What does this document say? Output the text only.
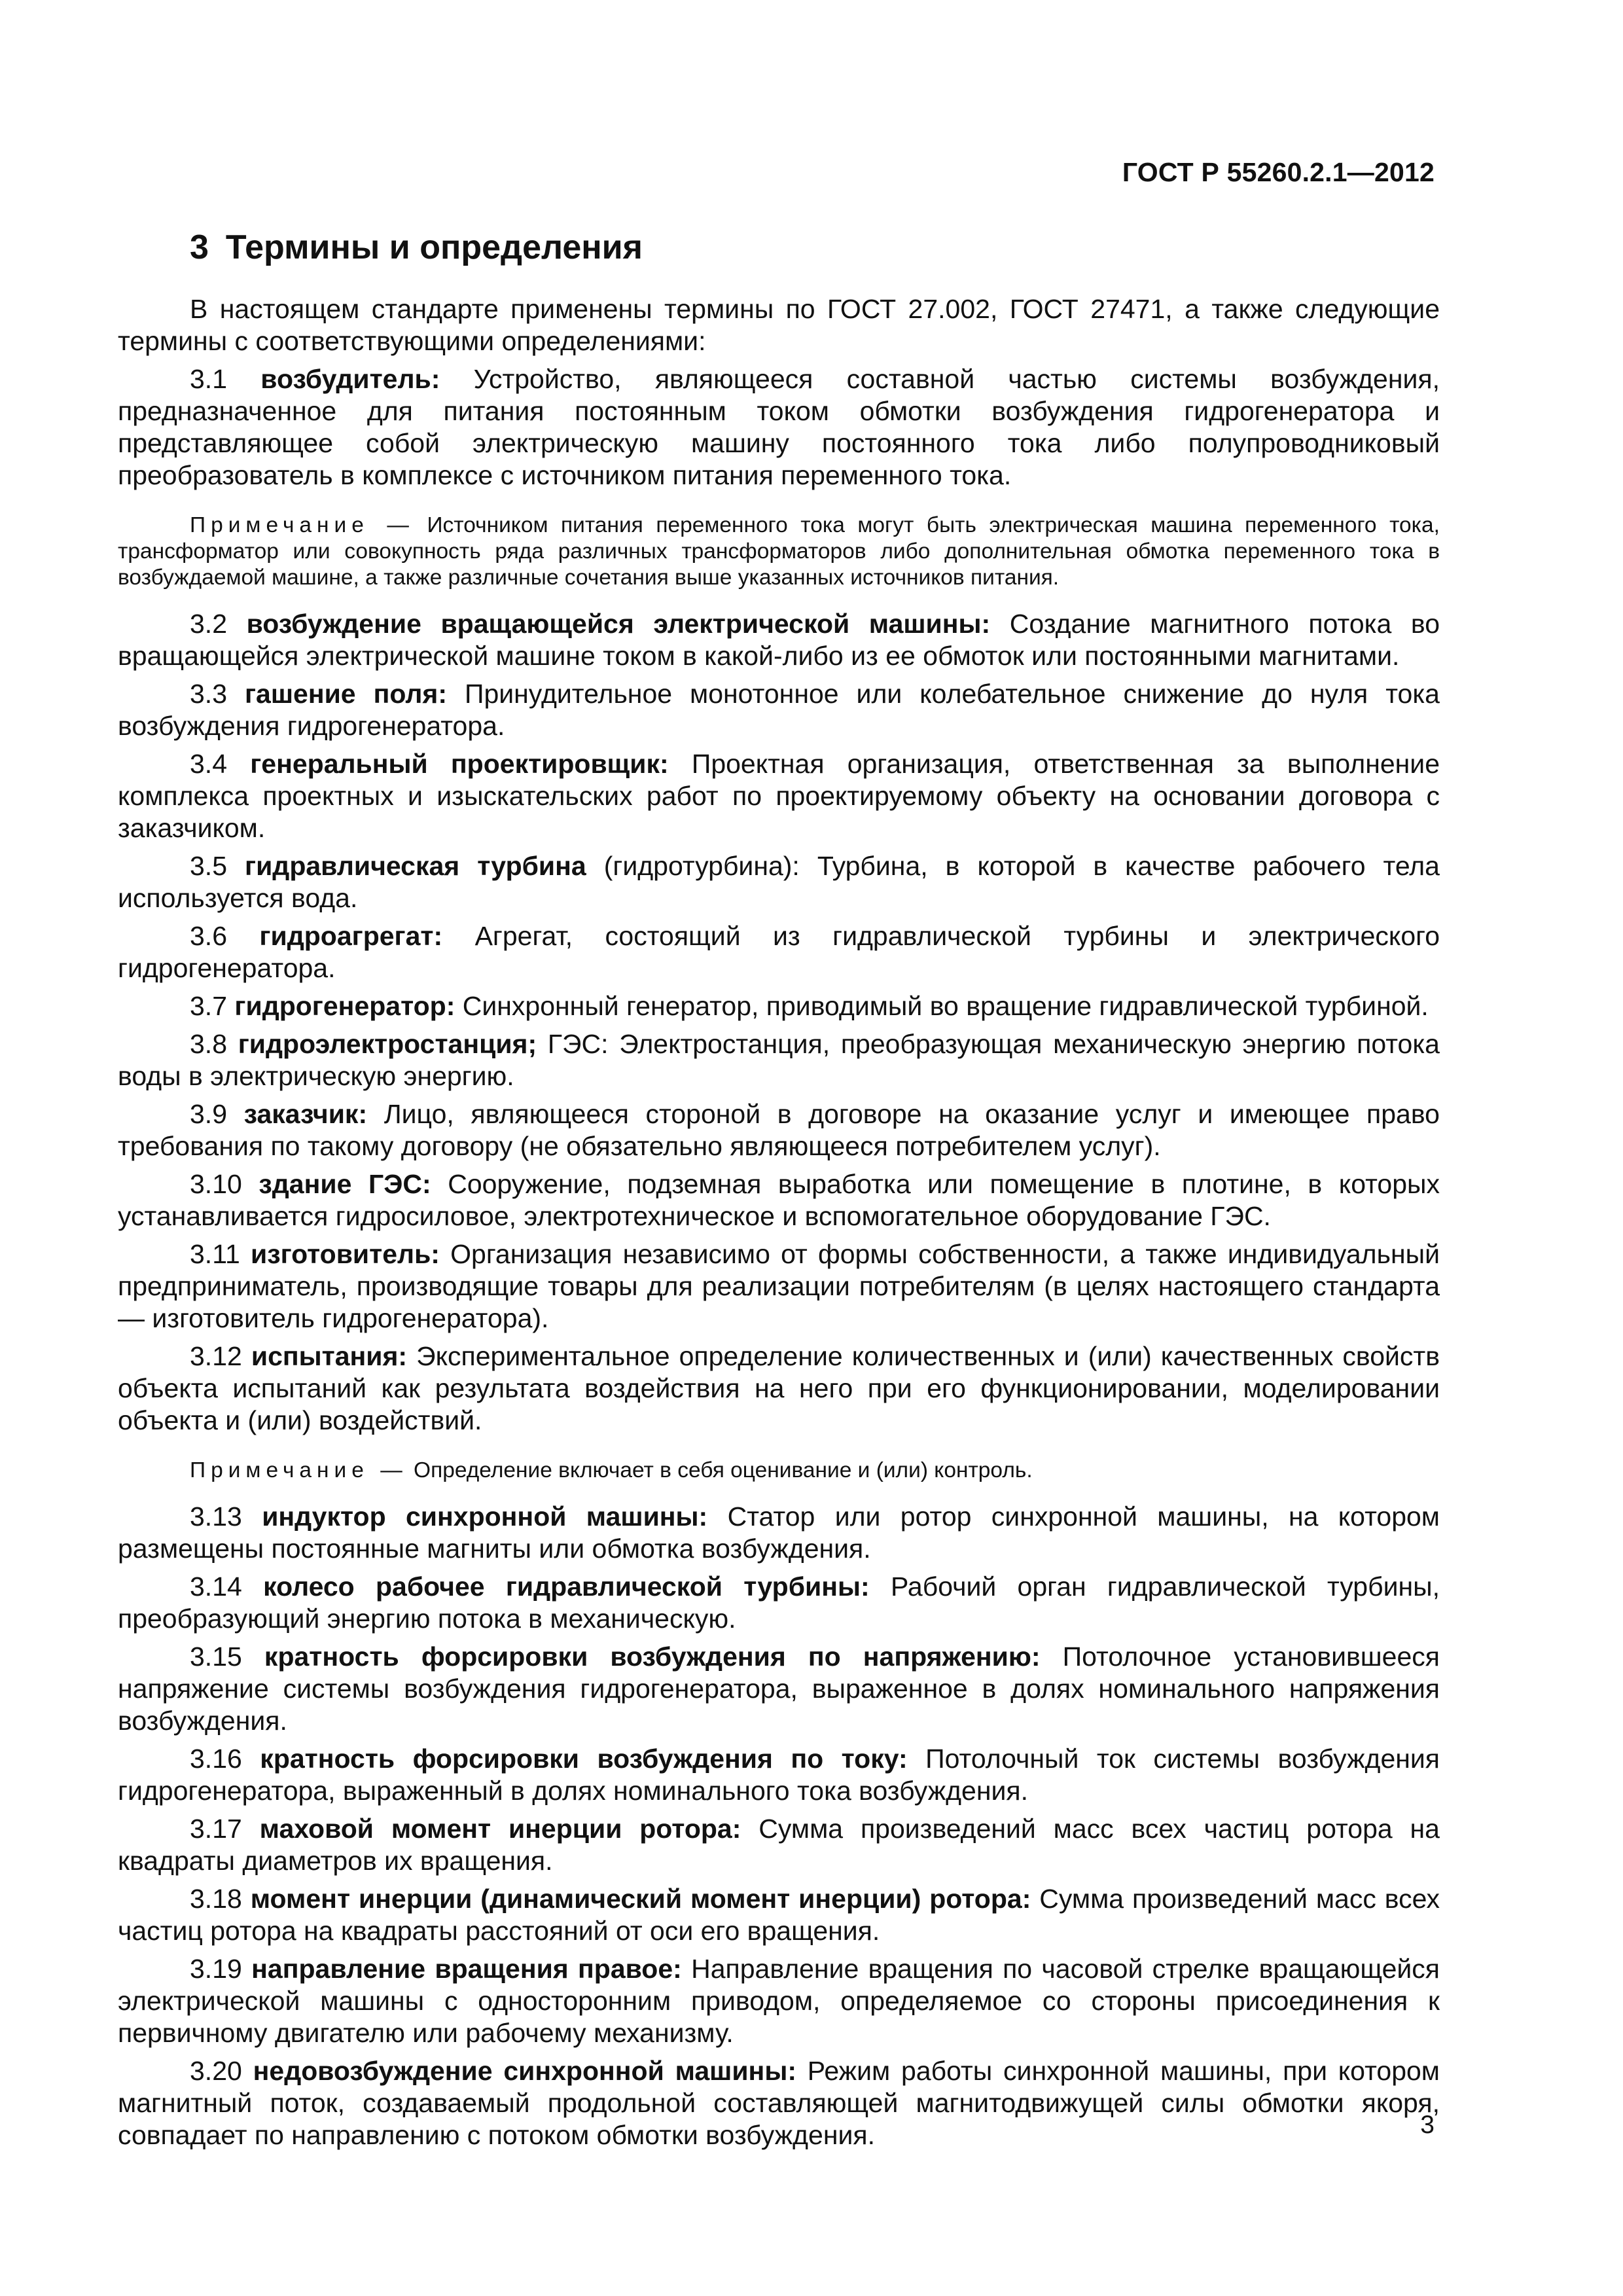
ГОСТ Р 55260.2.1—2012
3 Термины и определения

В настоящем стандарте применены термины по ГОСТ 27.002, ГОСТ 27471, а также следующие термины с соответствующими определениями:

3.1 возбудитель: Устройство, являющееся составной частью системы возбуждения, предназначенное для питания постоянным током обмотки возбуждения гидрогенератора и представляющее собой электрическую машину постоянного тока либо полупроводниковый преобразователь в комплексе с источником питания переменного тока.

Примечание — Источником питания переменного тока могут быть электрическая машина переменного тока, трансформатор или совокупность ряда различных трансформаторов либо дополнительная обмотка переменного тока в возбуждаемой машине, а также различные сочетания выше указанных источников питания.

3.2 возбуждение вращающейся электрической машины: Создание магнитного потока во вращающейся электрической машине током в какой-либо из ее обмоток или постоянными магнитами.

3.3 гашение поля: Принудительное монотонное или колебательное снижение до нуля тока возбуждения гидрогенератора.

3.4 генеральный проектировщик: Проектная организация, ответственная за выполнение комплекса проектных и изыскательских работ по проектируемому объекту на основании договора с заказчиком.

3.5 гидравлическая турбина (гидротурбина): Турбина, в которой в качестве рабочего тела используется вода.

3.6 гидроагрегат: Агрегат, состоящий из гидравлической турбины и электрического гидрогенератора.

3.7 гидрогенератор: Синхронный генератор, приводимый во вращение гидравлической турбиной.

3.8 гидроэлектростанция; ГЭС: Электростанция, преобразующая механическую энергию потока воды в электрическую энергию.

3.9 заказчик: Лицо, являющееся стороной в договоре на оказание услуг и имеющее право требования по такому договору (не обязательно являющееся потребителем услуг).

3.10 здание ГЭС: Сооружение, подземная выработка или помещение в плотине, в которых устанавливается гидросиловое, электротехническое и вспомогательное оборудование ГЭС.

3.11 изготовитель: Организация независимо от формы собственности, а также индивидуальный предприниматель, производящие товары для реализации потребителям (в целях настоящего стандарта — изготовитель гидрогенератора).

3.12 испытания: Экспериментальное определение количественных и (или) качественных свойств объекта испытаний как результата воздействия на него при его функционировании, моделировании объекта и (или) воздействий.

Примечание — Определение включает в себя оценивание и (или) контроль.

3.13 индуктор синхронной машины: Статор или ротор синхронной машины, на котором размещены постоянные магниты или обмотка возбуждения.

3.14 колесо рабочее гидравлической турбины: Рабочий орган гидравлической турбины, преобразующий энергию потока в механическую.

3.15 кратность форсировки возбуждения по напряжению: Потолочное установившееся напряжение системы возбуждения гидрогенератора, выраженное в долях номинального напряжения возбуждения.

3.16 кратность форсировки возбуждения по току: Потолочный ток системы возбуждения гидрогенератора, выраженный в долях номинального тока возбуждения.

3.17 маховой момент инерции ротора: Сумма произведений масс всех частиц ротора на квадраты диаметров их вращения.

3.18 момент инерции (динамический момент инерции) ротора: Сумма произведений масс всех частиц ротора на квадраты расстояний от оси его вращения.

3.19 направление вращения правое: Направление вращения по часовой стрелке вращающейся электрической машины с односторонним приводом, определяемое со стороны присоединения к первичному двигателю или рабочему механизму.

3.20 недовозбуждение синхронной машины: Режим работы синхронной машины, при котором магнитный поток, создаваемый продольной составляющей магнитодвижущей силы обмотки якоря, совпадает по направлению с потоком обмотки возбуждения.	3
